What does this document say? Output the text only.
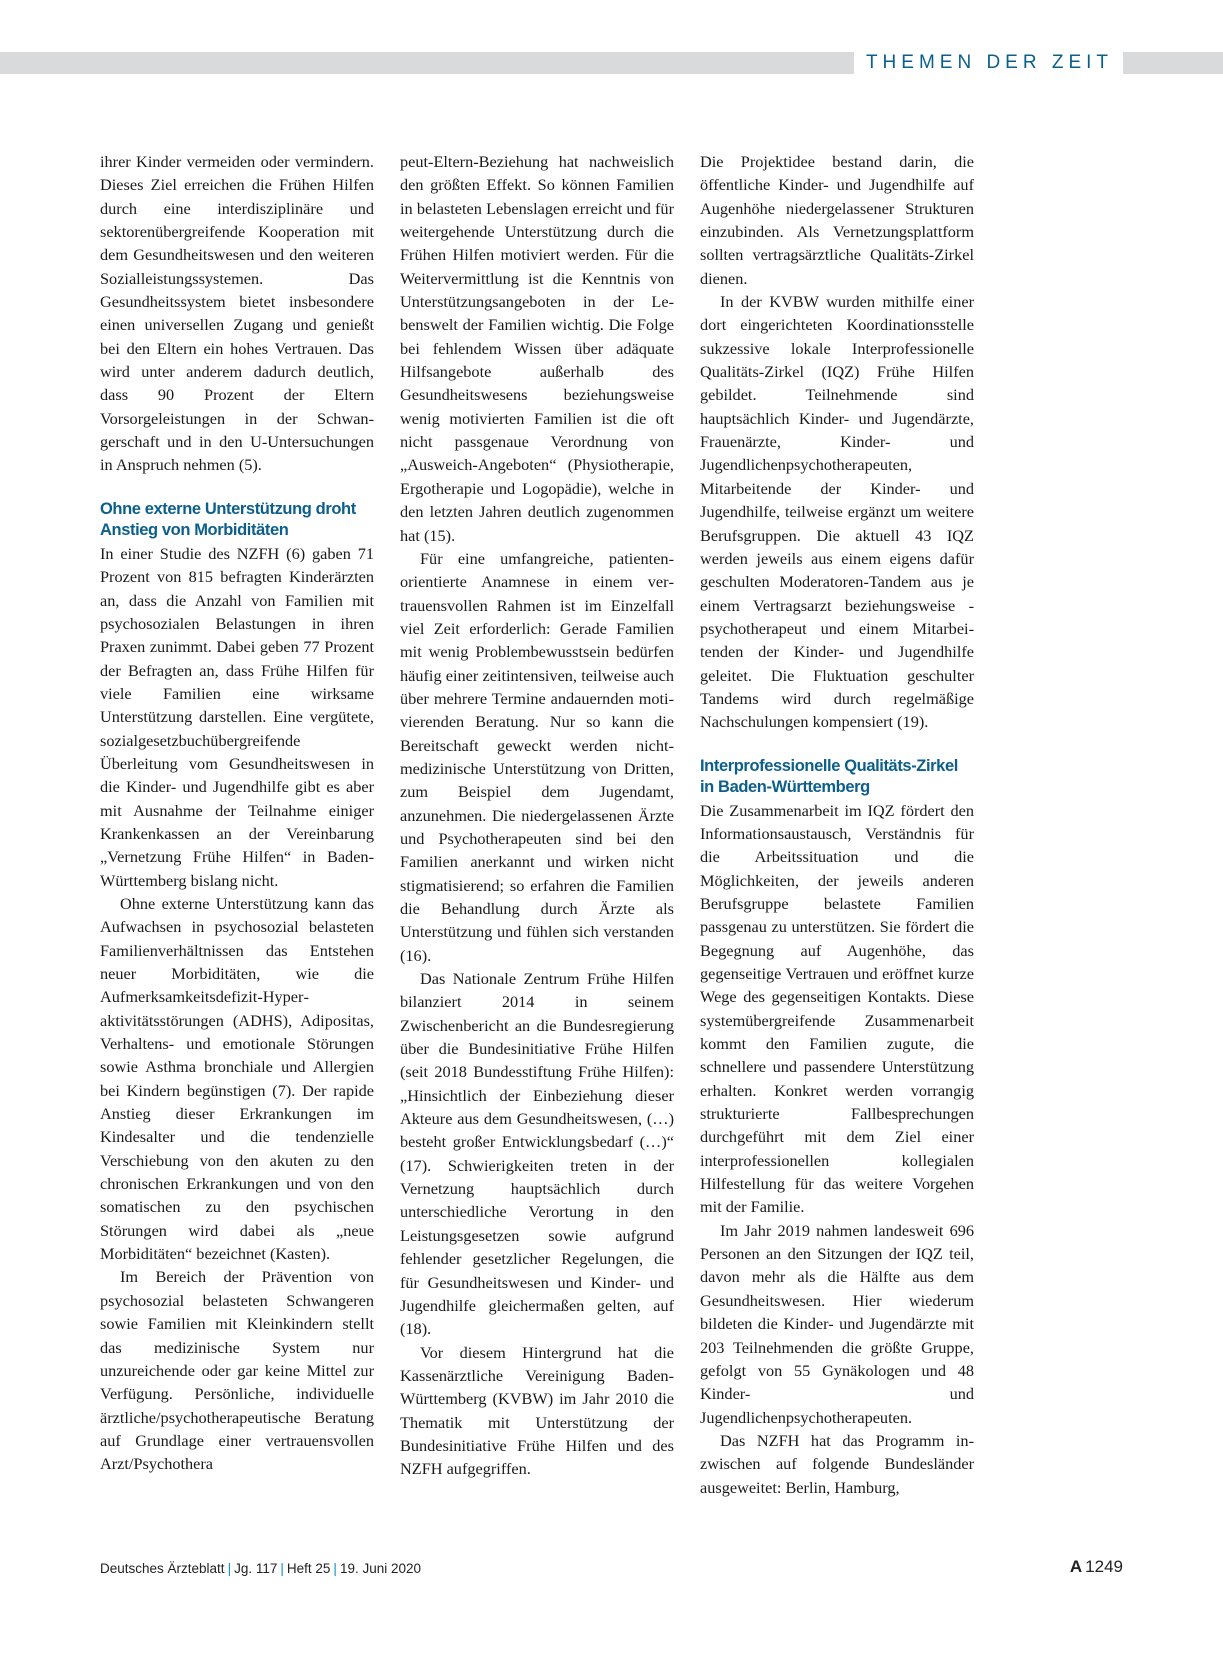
THEMEN DER ZEIT

ihrer Kinder vermeiden oder vermindern. Dieses Ziel erreichen die Frühen Hilfen durch eine interdisziplinäre und sektorenübergreifende Kooperation mit dem Gesundheitswesen und den weiteren Sozialleistungssystemen. Das Gesundheitssystem bietet insbesondere einen universellen Zugang und genießt bei den Eltern ein hohes Vertrauen. Das wird unter anderem dadurch deutlich, dass 90 Prozent der Eltern Vorsorgeleistungen in der Schwangerschaft und in den U-Untersuchungen in Anspruch nehmen (5).

Ohne externe Unterstützung droht Anstieg von Morbiditäten

In einer Studie des NZFH (6) gaben 71 Prozent von 815 befragten Kinderärzten an, dass die Anzahl von Familien mit psychosozialen Belastungen in ihren Praxen zunimmt. Dabei geben 77 Prozent der Befragten an, dass Frühe Hilfen für viele Familien eine wirksame Unterstützung darstellen. Eine vergütete, sozialgesetzbuchübergreifende Überleitung vom Gesundheitswesen in die Kinder- und Jugendhilfe gibt es aber mit Ausnahme der Teilnahme einiger Krankenkassen an der Vereinbarung „Vernetzung Frühe Hilfen“ in Baden-Württemberg bislang nicht.

Ohne externe Unterstützung kann das Aufwachsen in psychosozial belasteten Familienverhältnissen das Entstehen neuer Morbiditäten, wie die Aufmerksamkeitsdefizit-Hyperaktivitätsstörungen (ADHS), Adipositas, Verhaltens- und emotionale Störungen sowie Asthma bronchiale und Allergien bei Kindern begünstigen (7). Der rapide Anstieg dieser Erkrankungen im Kindesalter und die tendenzielle Verschiebung von den akuten zu den chronischen Erkrankungen und von den somatischen zu den psychischen Störungen wird dabei als „neue Morbiditäten“ bezeichnet (Kasten).

Im Bereich der Prävention von psychosozial belasteten Schwangeren sowie Familien mit Kleinkindern stellt das medizinische System nur unzureichende oder gar keine Mittel zur Verfügung. Persönliche, individuelle ärztliche/psychotherapeutische Beratung auf Grundlage einer vertrauensvollen Arzt/Psychothera

peut-Eltern-Beziehung hat nachweislich den größten Effekt. So können Familien in belasteten Lebenslagen erreicht und für weitergehende Unterstützung durch die Frühen Hilfen motiviert werden. Für die Weitervermittlung ist die Kenntnis von Unterstützungsangeboten in der Lebenswelt der Familien wichtig. Die Folge bei fehlendem Wissen über adäquate Hilfsangebote außerhalb des Gesundheitswesens beziehungsweise wenig motivierten Familien ist die oft nicht passgenaue Verordnung von „Ausweich-Angeboten“ (Physiotherapie, Ergotherapie und Logopädie), welche in den letzten Jahren deutlich zugenommen hat (15).

Für eine umfangreiche, patientenorientierte Anamnese in einem vertrauensvollen Rahmen ist im Einzelfall viel Zeit erforderlich: Gerade Familien mit wenig Problembewusstsein bedürfen häufig einer zeitintensiven, teilweise auch über mehrere Termine andauernden motivierenden Beratung. Nur so kann die Bereitschaft geweckt werden nichtmedizinische Unterstützung von Dritten, zum Beispiel dem Jugendamt, anzunehmen. Die niedergelassenen Ärzte und Psychotherapeuten sind bei den Familien anerkannt und wirken nicht stigmatisierend; so erfahren die Familien die Behandlung durch Ärzte als Unterstützung und fühlen sich verstanden (16).

Das Nationale Zentrum Frühe Hilfen bilanziert 2014 in seinem Zwischenbericht an die Bundesregierung über die Bundesinitiative Frühe Hilfen (seit 2018 Bundesstiftung Frühe Hilfen): „Hinsichtlich der Einbeziehung dieser Akteure aus dem Gesundheitswesen, (…) besteht großer Entwicklungsbedarf (…)“ (17). Schwierigkeiten treten in der Vernetzung hauptsächlich durch unterschiedliche Verortung in den Leistungsgesetzen sowie aufgrund fehlender gesetzlicher Regelungen, die für Gesundheitswesen und Kinder- und Jugendhilfe gleichermaßen gelten, auf (18).

Vor diesem Hintergrund hat die Kassenärztliche Vereinigung Baden-Württemberg (KVBW) im Jahr 2010 die Thematik mit Unterstützung der Bundesinitiative Frühe Hilfen und des NZFH aufgegriffen.

Die Projektidee bestand darin, die öffentliche Kinder- und Jugendhilfe auf Augenhöhe niedergelassener Strukturen einzubinden. Als Vernetzungsplattform sollten vertragsärztliche Qualitäts-Zirkel dienen.

In der KVBW wurden mithilfe einer dort eingerichteten Koordinationsstelle sukzessive lokale Interprofessionelle Qualitäts-Zirkel (IQZ) Frühe Hilfen gebildet. Teilnehmende sind hauptsächlich Kinder- und Jugendärzte, Frauenärzte, Kinder- und Jugendlichenpsychotherapeuten, Mitarbeitende der Kinder- und Jugendhilfe, teilweise ergänzt um weitere Berufsgruppen. Die aktuell 43 IQZ werden jeweils aus einem eigens dafür geschulten Moderatoren-Tandem aus je einem Vertragsarzt beziehungsweise -psychotherapeut und einem Mitarbeitenden der Kinder- und Jugendhilfe geleitet. Die Fluktuation geschulter Tandems wird durch regelmäßige Nachschulungen kompensiert (19).

Interprofessionelle Qualitäts-Zirkel in Baden-Württemberg

Die Zusammenarbeit im IQZ fördert den Informationsaustausch, Verständnis für die Arbeitssituation und die Möglichkeiten, der jeweils anderen Berufsgruppe belastete Familien passgenau zu unterstützen. Sie fördert die Begegnung auf Augenhöhe, das gegenseitige Vertrauen und eröffnet kurze Wege des gegenseitigen Kontakts. Diese systemübergreifende Zusammenarbeit kommt den Familien zugute, die schnellere und passendere Unterstützung erhalten. Konkret werden vorrangig strukturierte Fallbesprechungen durchgeführt mit dem Ziel einer interprofessionellen kollegialen Hilfestellung für das weitere Vorgehen mit der Familie.

Im Jahr 2019 nahmen landesweit 696 Personen an den Sitzungen der IQZ teil, davon mehr als die Hälfte aus dem Gesundheitswesen. Hier wiederum bildeten die Kinder- und Jugendärzte mit 203 Teilnehmenden die größte Gruppe, gefolgt von 55 Gynäkologen und 48 Kinder- und Jugendlichenpsychotherapeuten.

Das NZFH hat das Programm inzwischen auf folgende Bundesländer ausgeweitet: Berlin, Hamburg,

Deutsches Ärzteblatt | Jg. 117 | Heft 25 | 19. Juni 2020	A 1249
